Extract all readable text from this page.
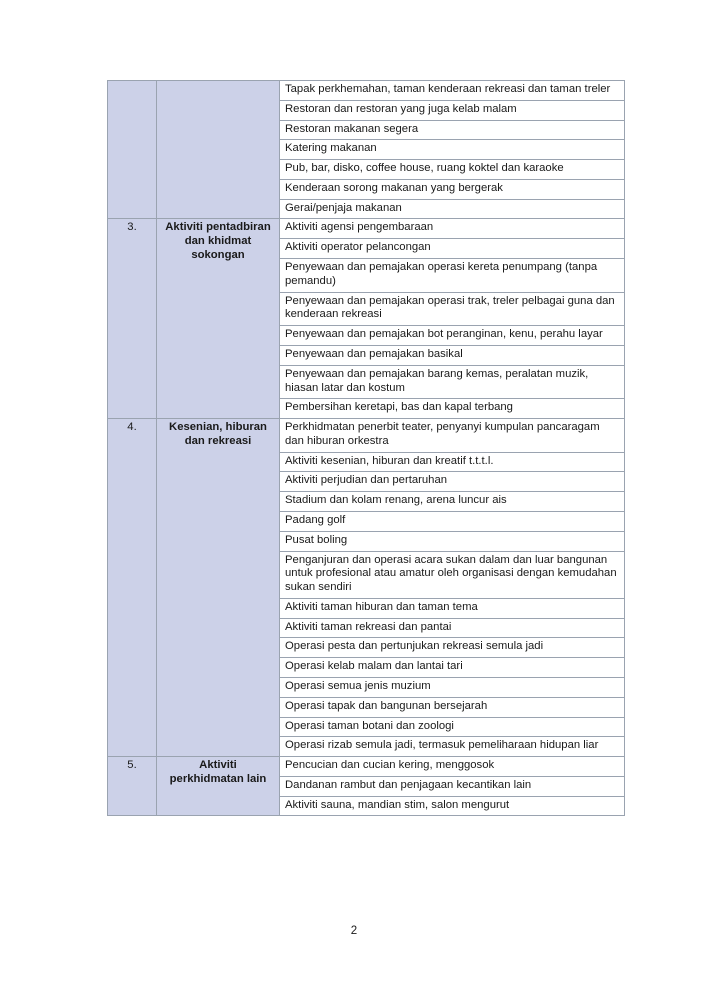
		Tapak perkhemahan, taman kenderaan rekreasi dan taman treler
		Restoran dan restoran yang juga kelab malam
		Restoran makanan segera
		Katering makanan
		Pub, bar, disko, coffee house, ruang koktel dan karaoke
		Kenderaan sorong makanan yang bergerak
		Gerai/penjaja makanan
3.	Aktiviti pentadbiran dan khidmat sokongan	Aktiviti agensi pengembaraan
		Aktiviti operator pelancongan
		Penyewaan dan pemajakan operasi kereta penumpang (tanpa pemandu)
		Penyewaan dan pemajakan operasi trak, treler pelbagai guna dan kenderaan rekreasi
		Penyewaan dan pemajakan bot peranginan, kenu, perahu layar
		Penyewaan dan pemajakan basikal
		Penyewaan dan pemajakan barang kemas, peralatan muzik, hiasan latar dan kostum
		Pembersihan keretapi, bas dan kapal terbang
4.	Kesenian, hiburan dan rekreasi	Perkhidmatan penerbit teater, penyanyi kumpulan pancaragam dan hiburan orkestra
		Aktiviti kesenian, hiburan dan kreatif t.t.t.l.
		Aktiviti perjudian dan pertaruhan
		Stadium dan kolam renang, arena luncur ais
		Padang golf
		Pusat boling
		Penganjuran dan operasi acara sukan dalam dan luar bangunan untuk profesional atau amatur oleh organisasi dengan kemudahan sukan sendiri
		Aktiviti taman hiburan dan taman tema
		Aktiviti taman rekreasi dan pantai
		Operasi pesta dan pertunjukan rekreasi semula jadi
		Operasi kelab malam dan lantai tari
		Operasi semua jenis muzium
		Operasi tapak dan bangunan bersejarah
		Operasi taman botani dan zoologi
		Operasi rizab semula jadi, termasuk pemeliharaan hidupan liar
5.	Aktiviti perkhidmatan lain	Pencucian dan cucian kering, menggosok
		Dandanan rambut dan penjagaan kecantikan lain
		Aktiviti sauna, mandian stim, salon mengurut
2
